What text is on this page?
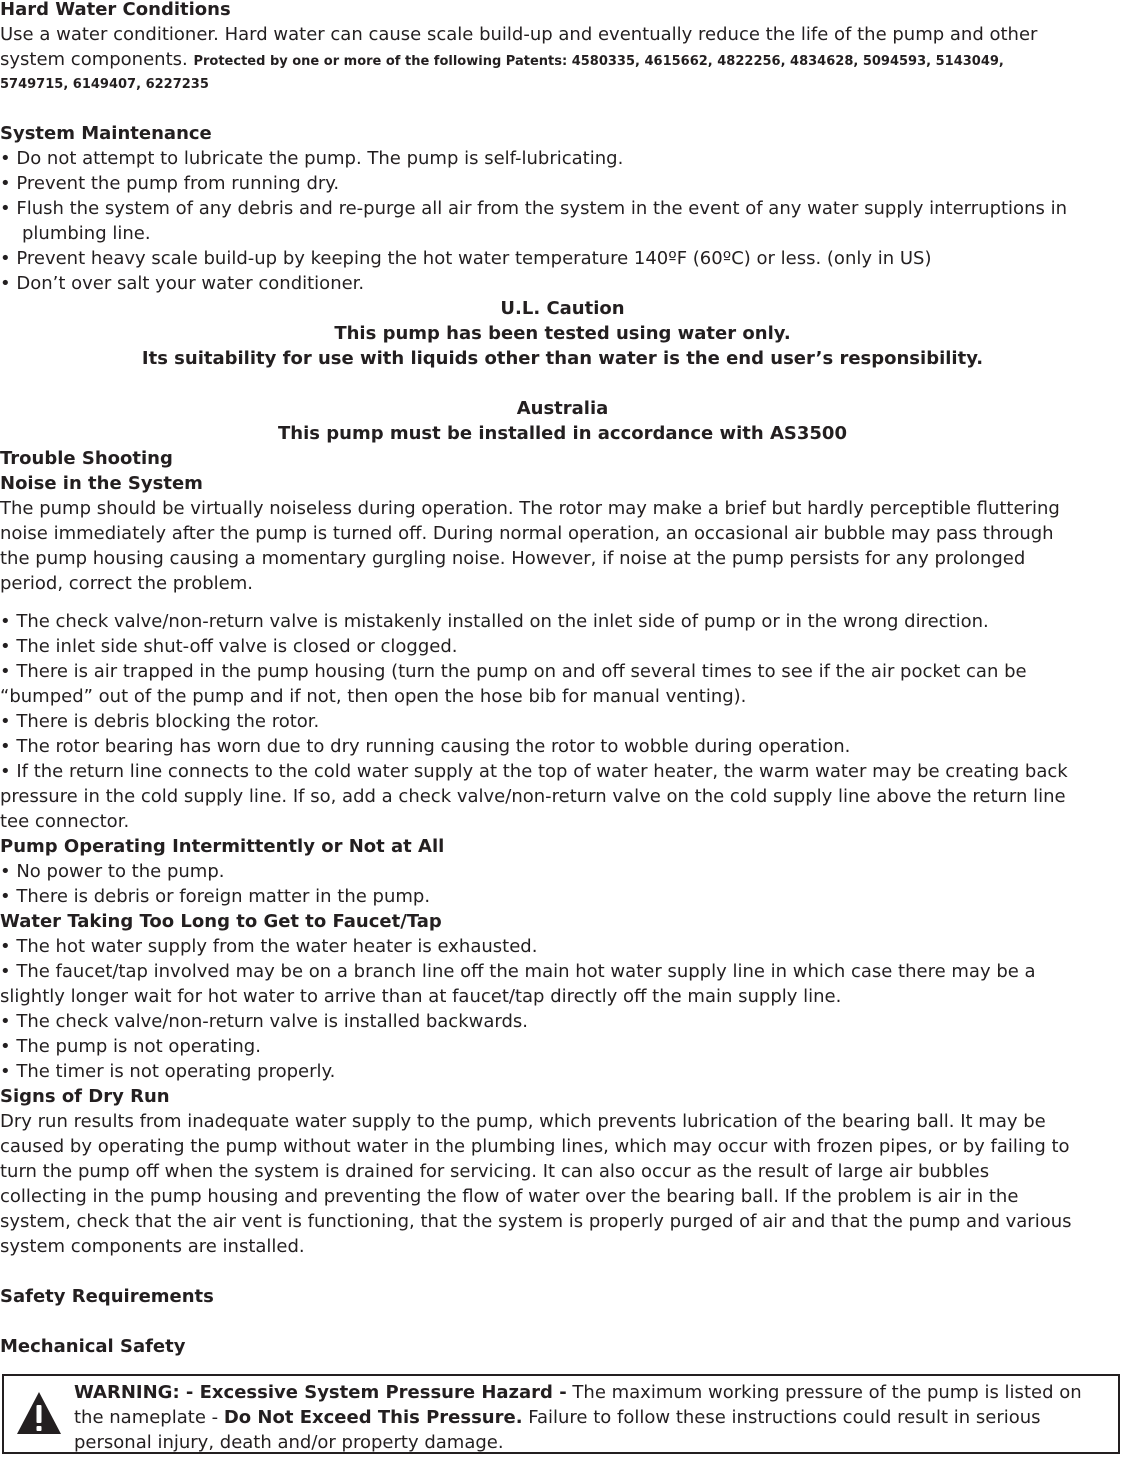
Hard Water Conditions
Use a water conditioner. Hard water can cause scale build-up and eventually reduce the life of the pump and other
system components. Protected by one or more of the following Patents: 4580335, 4615662, 4822256, 4834628, 5094593, 5143049,
5749715, 6149407, 6227235
System Maintenance
• Do not attempt to lubricate the pump. The pump is self-lubricating.
• Prevent the pump from running dry.
• Flush the system of any debris and re-purge all air from the system in the event of any water supply interruptions in
plumbing line.
• Prevent heavy scale build-up by keeping the hot water temperature 140ºF (60ºC) or less. (only in US)
• Don’t over salt your water conditioner.
U.L. Caution
This pump has been tested using water only.
Its suitability for use with liquids other than water is the end user’s responsibility.
Australia
This pump must be installed in accordance with AS3500
Trouble Shooting
Noise in the System
The pump should be virtually noiseless during operation. The rotor may make a brief but hardly perceptible fluttering
noise immediately after the pump is turned off. During normal operation, an occasional air bubble may pass through
the pump housing causing a momentary gurgling noise. However, if noise at the pump persists for any prolonged
period, correct the problem.
• The check valve/non-return valve is mistakenly installed on the inlet side of pump or in the wrong direction.
• The inlet side shut-off valve is closed or clogged.
• There is air trapped in the pump housing (turn the pump on and off several times to see if the air pocket can be
“bumped” out of the pump and if not, then open the hose bib for manual venting).
• There is debris blocking the rotor.
• The rotor bearing has worn due to dry running causing the rotor to wobble during operation.
• If the return line connects to the cold water supply at the top of water heater, the warm water may be creating back
pressure in the cold supply line. If so, add a check valve/non-return valve on the cold supply line above the return line
tee connector.
Pump Operating Intermittently or Not at All
• No power to the pump.
• There is debris or foreign matter in the pump.
Water Taking Too Long to Get to Faucet/Tap
• The hot water supply from the water heater is exhausted.
• The faucet/tap involved may be on a branch line off the main hot water supply line in which case there may be a
slightly longer wait for hot water to arrive than at faucet/tap directly off the main supply line.
• The check valve/non-return valve is installed backwards.
• The pump is not operating.
• The timer is not operating properly.
Signs of Dry Run
Dry run results from inadequate water supply to the pump, which prevents lubrication of the bearing ball. It may be
caused by operating the pump without water in the plumbing lines, which may occur with frozen pipes, or by failing to
turn the pump off when the system is drained for servicing. It can also occur as the result of large air bubbles
collecting in the pump housing and preventing the flow of water over the bearing ball. If the problem is air in the
system, check that the air vent is functioning, that the system is properly purged of air and that the pump and various
system components are installed.
Safety Requirements
Mechanical Safety
WARNING: - Excessive System Pressure Hazard - The maximum working pressure of the pump is listed on the nameplate - Do Not Exceed This Pressure. Failure to follow these instructions could result in serious personal injury, death and/or property damage.
